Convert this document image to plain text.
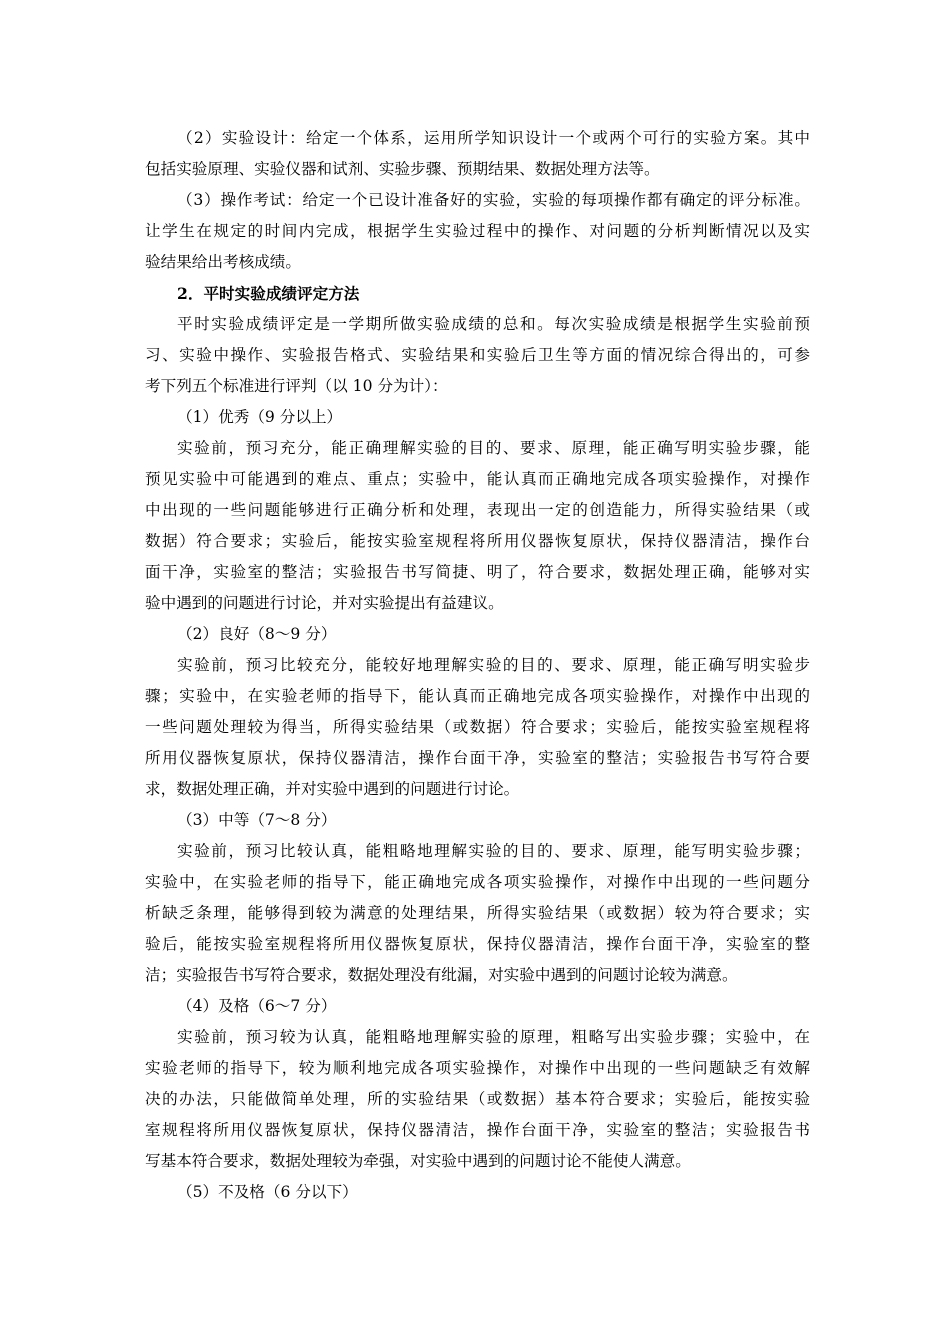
（2）实验设计：给定一个体系，运用所学知识设计一个或两个可行的实验方案。其中
包括实验原理、实验仪器和试剂、实验步骤、预期结果、数据处理方法等。
（3）操作考试：给定一个已设计准备好的实验，实验的每项操作都有确定的评分标准。
让学生在规定的时间内完成，根据学生实验过程中的操作、对问题的分析判断情况以及实
验结果给出考核成绩。
2．平时实验成绩评定方法
平时实验成绩评定是一学期所做实验成绩的总和。每次实验成绩是根据学生实验前预
习、实验中操作、实验报告格式、实验结果和实验后卫生等方面的情况综合得出的，可参
考下列五个标准进行评判（以 10 分为计）：
（1）优秀（9 分以上）
实验前，预习充分，能正确理解实验的目的、要求、原理，能正确写明实验步骤，能
预见实验中可能遇到的难点、重点；实验中，能认真而正确地完成各项实验操作，对操作
中出现的一些问题能够进行正确分析和处理，表现出一定的创造能力，所得实验结果（或
数据）符合要求；实验后，能按实验室规程将所用仪器恢复原状，保持仪器清洁，操作台
面干净，实验室的整洁；实验报告书写简捷、明了，符合要求，数据处理正确，能够对实
验中遇到的问题进行讨论，并对实验提出有益建议。
（2）良好（8～9 分）
实验前，预习比较充分，能较好地理解实验的目的、要求、原理，能正确写明实验步
骤；实验中，在实验老师的指导下，能认真而正确地完成各项实验操作，对操作中出现的
一些问题处理较为得当，所得实验结果（或数据）符合要求；实验后，能按实验室规程将
所用仪器恢复原状，保持仪器清洁，操作台面干净，实验室的整洁；实验报告书写符合要
求，数据处理正确，并对实验中遇到的问题进行讨论。
（3）中等（7～8 分）
实验前，预习比较认真，能粗略地理解实验的目的、要求、原理，能写明实验步骤；
实验中，在实验老师的指导下，能正确地完成各项实验操作，对操作中出现的一些问题分
析缺乏条理，能够得到较为满意的处理结果，所得实验结果（或数据）较为符合要求；实
验后，能按实验室规程将所用仪器恢复原状，保持仪器清洁，操作台面干净，实验室的整
洁；实验报告书写符合要求，数据处理没有纰漏，对实验中遇到的问题讨论较为满意。
（4）及格（6～7 分）
实验前，预习较为认真，能粗略地理解实验的原理，粗略写出实验步骤；实验中，在
实验老师的指导下，较为顺利地完成各项实验操作，对操作中出现的一些问题缺乏有效解
决的办法，只能做简单处理，所的实验结果（或数据）基本符合要求；实验后，能按实验
室规程将所用仪器恢复原状，保持仪器清洁，操作台面干净，实验室的整洁；实验报告书
写基本符合要求，数据处理较为牵强，对实验中遇到的问题讨论不能使人满意。
（5）不及格（6 分以下）
